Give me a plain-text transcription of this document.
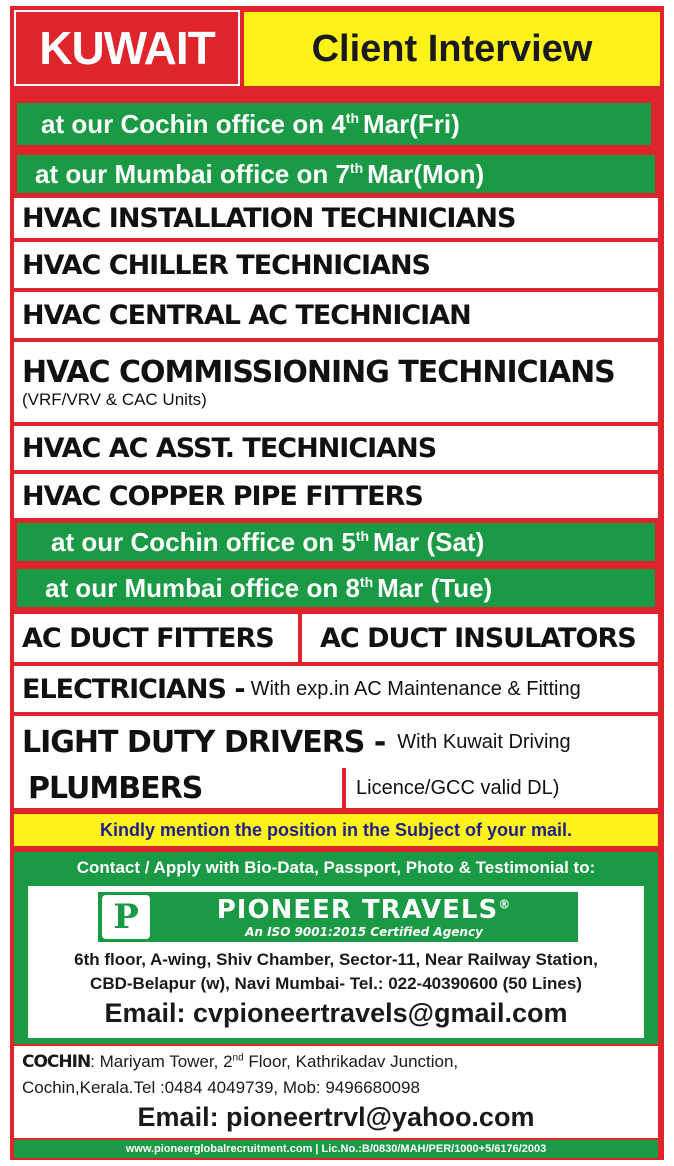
KUWAIT	Client Interview
at our Cochin office on 4th Mar(Fri)
at our Mumbai office on 7th Mar(Mon)
HVAC INSTALLATION TECHNICIANS
HVAC CHILLER TECHNICIANS
HVAC CENTRAL AC TECHNICIAN
HVAC COMMISSIONING TECHNICIANS
(VRF/VRV & CAC Units)
HVAC AC ASST. TECHNICIANS
HVAC COPPER PIPE FITTERS
at our Cochin office on 5th Mar (Sat)
at our Mumbai office on 8th Mar (Tue)
AC DUCT FITTERS	AC DUCT INSULATORS
ELECTRICIANS - With exp.in AC Maintenance & Fitting
LIGHT DUTY DRIVERS - With Kuwait Driving
PLUMBERS	Licence/GCC valid DL)
Kindly mention the position in the Subject of your mail.
Contact / Apply with Bio-Data, Passport, Photo & Testimonial to:
P	PIONEER TRAVELS®
An ISO 9001:2015 Certified Agency
6th floor, A-wing, Shiv Chamber, Sector-11, Near Railway Station,
CBD-Belapur (w), Navi Mumbai- Tel.: 022-40390600 (50 Lines)
Email: cvpioneertravels@gmail.com
COCHIN: Mariyam Tower, 2nd Floor, Kathrikadav Junction,
Cochin,Kerala.Tel :0484 4049739, Mob: 9496680098
Email: pioneertrvl@yahoo.com
www.pioneerglobalrecruitment.com | Lic.No.:B/0830/MAH/PER/1000+5/6176/2003
